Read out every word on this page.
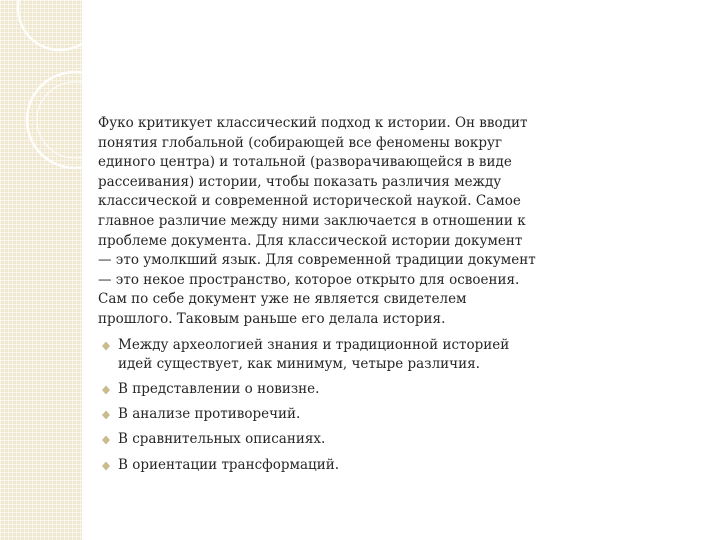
Фуко критикует классический подход к истории. Он вводит понятия глобальной (собирающей все феномены вокруг единого центра) и тотальной (разворачивающейся в виде рассеивания) истории, чтобы показать различия между классической и современной исторической наукой. Самое главное различие между ними заключается в отношении к проблеме документа. Для классической истории документ — это умолкший язык. Для современной традиции документ — это некое пространство, которое открыто для освоения. Сам по себе документ уже не является свидетелем прошлого. Таковым раньше его делала история.

Между археологией знания и традиционной историей идей существует, как минимум, четыре различия.
В представлении о новизне.
В анализе противоречий.
В сравнительных описаниях.
В ориентации трансформаций.
